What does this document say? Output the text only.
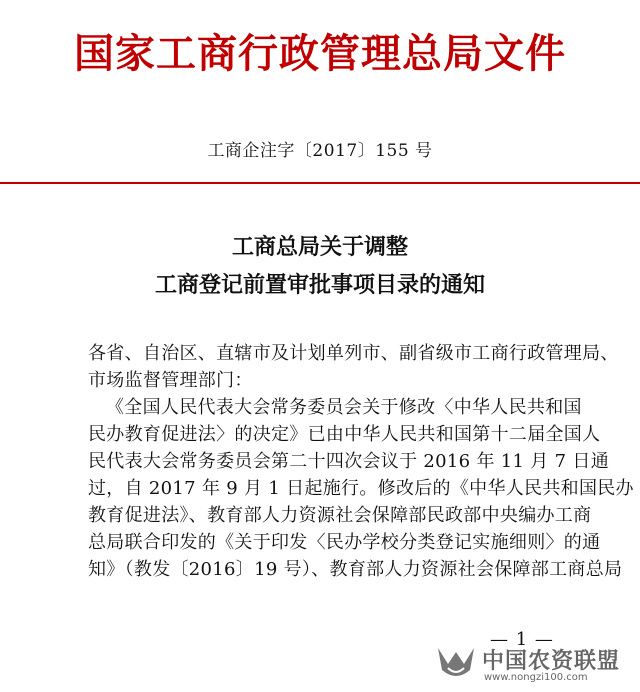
国家工商行政管理总局文件
工商企注字〔2017〕155 号
工商总局关于调整
工商登记前置审批事项目录的通知
各省、自治区、直辖市及计划单列市、副省级市工商行政管理局、
市场监督管理部门：
《全国人民代表大会常务委员会关于修改〈中华人民共和国
民办教育促进法〉的决定》已由中华人民共和国第十二届全国人
民代表大会常务委员会第二十四次会议于 2016 年 11 月 7 日通
过，自 2017 年 9 月 1 日起施行。修改后的《中华人民共和国民办
教育促进法》、教育部人力资源社会保障部民政部中央编办工商
总局联合印发的《关于印发〈民办学校分类登记实施细则〉的通
知》（教发〔2016〕19 号）、教育部人力资源社会保障部工商总局
— 1 —
中国农资联盟
www.nongzi100.com
